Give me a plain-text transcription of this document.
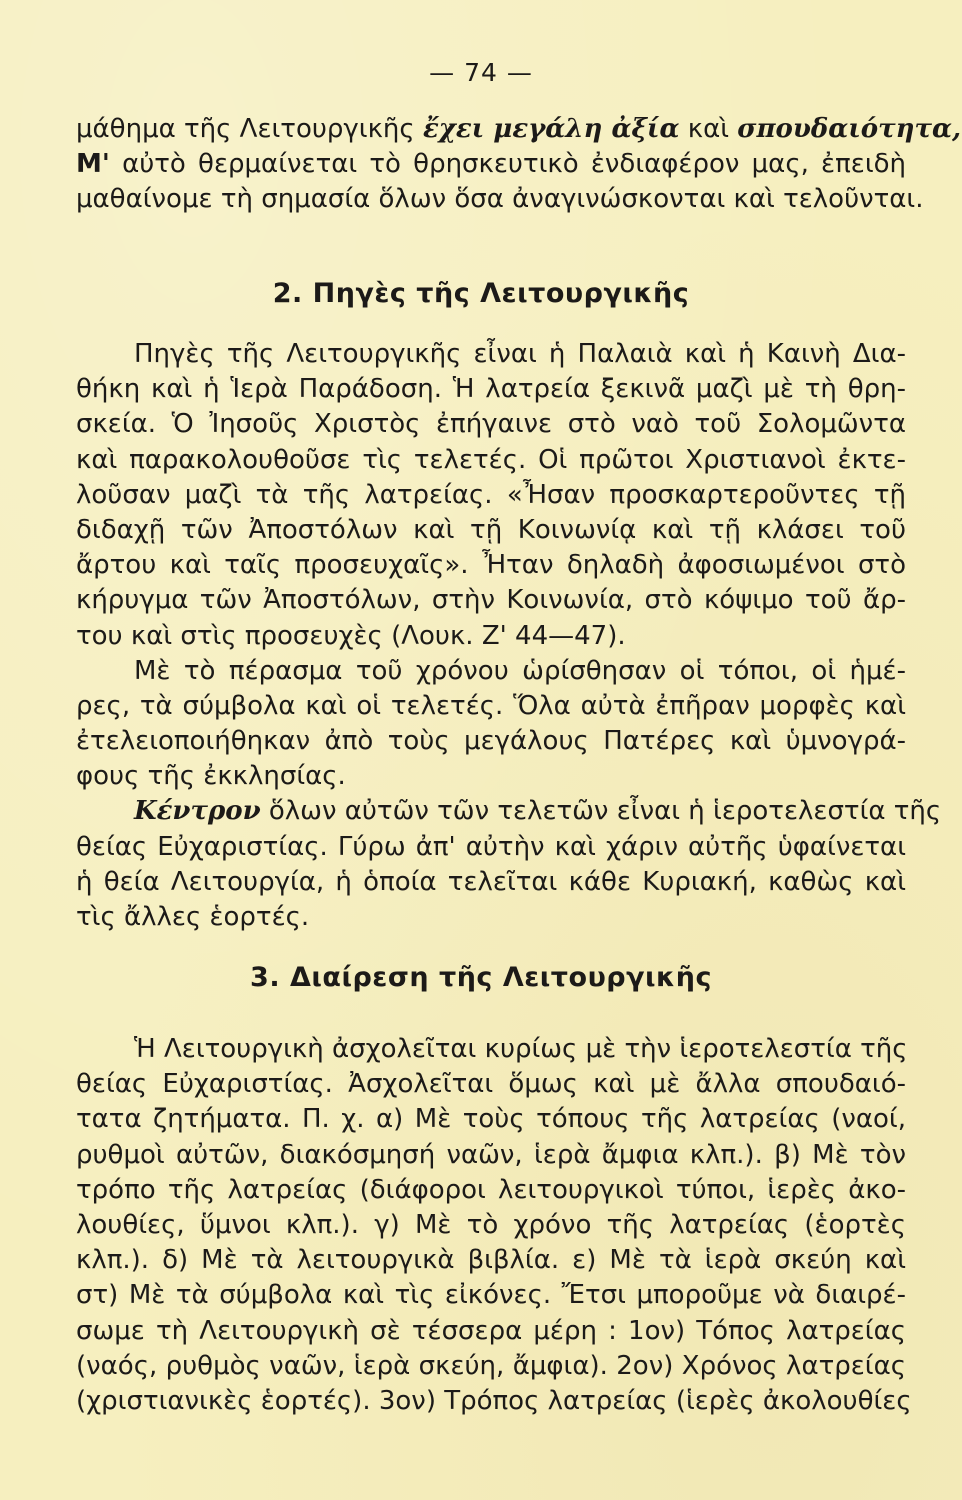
— 74 —
μάθημα τῆς Λειτουργικῆς ἔχει μεγάλη ἀξία καὶ σπουδαιότητα,
Μ' αὐτὸ θερμαίνεται τὸ θρησκευτικὸ ἐνδιαφέρον μας, ἐπειδὴ
μαθαίνομε τὴ σημασία ὅλων ὅσα ἀναγινώσκονται καὶ τελοῦνται.
2. Πηγὲς τῆς Λειτουργικῆς
Πηγὲς τῆς Λειτουργικῆς εἶναι ἡ Παλαιὰ καὶ ἡ Καινὴ Δια-
θήκη καὶ ἡ Ἱερὰ Παράδοση. Ἡ λατρεία ξεκινᾶ μαζὶ μὲ τὴ θρη-
σκεία. Ὁ Ἰησοῦς Χριστὸς ἐπήγαινε στὸ ναὸ τοῦ Σολομῶντα
καὶ παρακολουθοῦσε τὶς τελετές. Οἱ πρῶτοι Χριστιανοὶ ἐκτε-
λοῦσαν μαζὶ τὰ τῆς λατρείας. «Ἦσαν προσκαρτεροῦντες τῇ
διδαχῇ τῶν Ἀποστόλων καὶ τῇ Κοινωνίᾳ καὶ τῇ κλάσει τοῦ
ἄρτου καὶ ταῖς προσευχαῖς». Ἦταν δηλαδὴ ἀφοσιωμένοι στὸ
κήρυγμα τῶν Ἀποστόλων, στὴν Κοινωνία, στὸ κόψιμο τοῦ ἄρ-
του καὶ στὶς προσευχὲς (Λουκ. Ζ' 44—47).
Μὲ τὸ πέρασμα τοῦ χρόνου ὡρίσθησαν οἱ τόποι, οἱ ἡμέ-
ρες, τὰ σύμβολα καὶ οἱ τελετές. Ὅλα αὐτὰ ἐπῆραν μορφὲς καὶ
ἐτελειοποιήθηκαν ἀπὸ τοὺς μεγάλους Πατέρες καὶ ὑμνογρά-
φους τῆς ἐκκλησίας.
Κέντρον ὅλων αὐτῶν τῶν τελετῶν εἶναι ἡ ἱεροτελεστία τῆς
θείας Εὐχαριστίας. Γύρω ἀπ' αὐτὴν καὶ χάριν αὐτῆς ὑφαίνεται
ἡ θεία Λειτουργία, ἡ ὁποία τελεῖται κάθε Κυριακή, καθὼς καὶ
τὶς ἄλλες ἑορτές.
3. Διαίρεση τῆς Λειτουργικῆς
Ἡ Λειτουργικὴ ἀσχολεῖται κυρίως μὲ τὴν ἱεροτελεστία τῆς
θείας Εὐχαριστίας. Ἀσχολεῖται ὅμως καὶ μὲ ἄλλα σπουδαιό-
τατα ζητήματα. Π. χ. α) Μὲ τοὺς τόπους τῆς λατρείας (ναοί,
ρυθμοὶ αὐτῶν, διακόσμησή ναῶν, ἱερὰ ἄμφια κλπ.). β) Μὲ τὸν
τρόπο τῆς λατρείας (διάφοροι λειτουργικοὶ τύποι, ἱερὲς ἀκο-
λουθίες, ὕμνοι κλπ.). γ) Μὲ τὸ χρόνο τῆς λατρείας (ἑορτὲς
κλπ.). δ) Μὲ τὰ λειτουργικὰ βιβλία. ε) Μὲ τὰ ἱερὰ σκεύη καὶ
στ) Μὲ τὰ σύμβολα καὶ τὶς εἰκόνες. Ἔτσι μποροῦμε νὰ διαιρέ-
σωμε τὴ Λειτουργικὴ σὲ τέσσερα μέρη : 1ον) Τόπος λατρείας
(ναός, ρυθμὸς ναῶν, ἱερὰ σκεύη, ἄμφια). 2ον) Χρόνος λατρείας
(χριστιανικὲς ἑορτές). 3ον) Τρόπος λατρείας (ἱερὲς ἀκολουθίες
